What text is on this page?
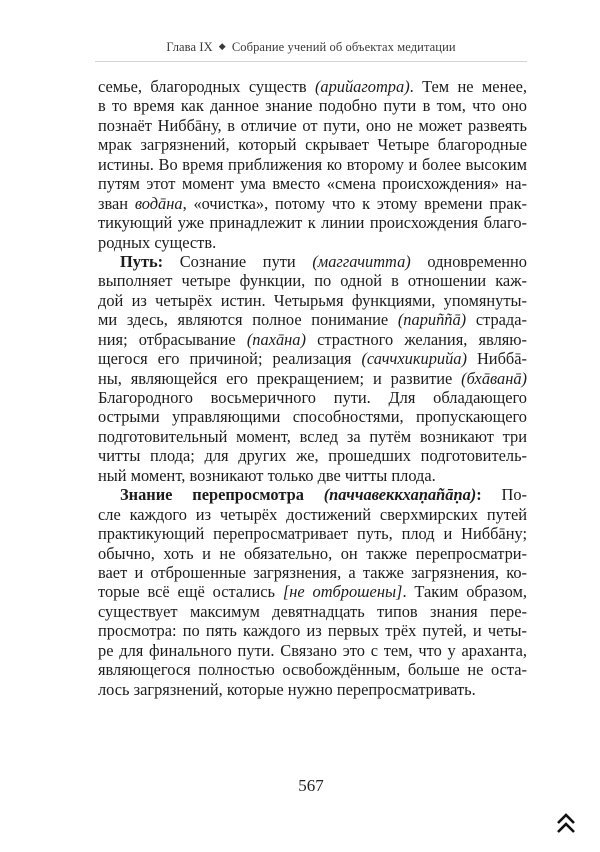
Глава IX ◆ Собрание учений об объектах медитации
семье, благородных существ (арийаготра). Тем не менее,
в то время как данное знание подобно пути в том, что оно
познаёт Ниббāну, в отличие от пути, оно не может развеять
мрак загрязнений, который скрывает Четыре благородные
истины. Во время приближения ко второму и более высоким
путям этот момент ума вместо «смена происхождения» на-
зван водāна, «очистка», потому что к этому времени прак-
тикующий уже принадлежит к линии происхождения благо-
родных существ.
Путь: Сознание пути (маггачитта) одновременно
выполняет четыре функции, по одной в отношении каж-
дой из четырёх истин. Четырьмя функциями, упомянуты-
ми здесь, являются полное понимание (париññā) страда-
ния; отбрасывание (пахāна) страстного желания, являю-
щегося его причиной; реализация (саччхикирийа) Ниббā-
ны, являющейся его прекращением; и развитие (бхāванā)
Благородного восьмеричного пути. Для обладающего
острыми управляющими способностями, пропускающего
подготовительный момент, вслед за путём возникают три
читты плода; для других же, прошедших подготовитель-
ный момент, возникают только две читты плода.
Знание перепросмотра (паччавеккхаṇаñāṇа): По-
сле каждого из четырёх достижений сверхмирских путей
практикующий перепросматривает путь, плод и Ниббāну;
обычно, хоть и не обязательно, он также перепросматри-
вает и отброшенные загрязнения, а также загрязнения, ко-
торые всё ещё остались [не отброшены]. Таким образом,
существует максимум девятнадцать типов знания пере-
просмотра: по пять каждого из первых трёх путей, и четы-
ре для финального пути. Связано это с тем, что у араханта,
являющегося полностью освобождённым, больше не оста-
лось загрязнений, которые нужно перепросматривать.
567
